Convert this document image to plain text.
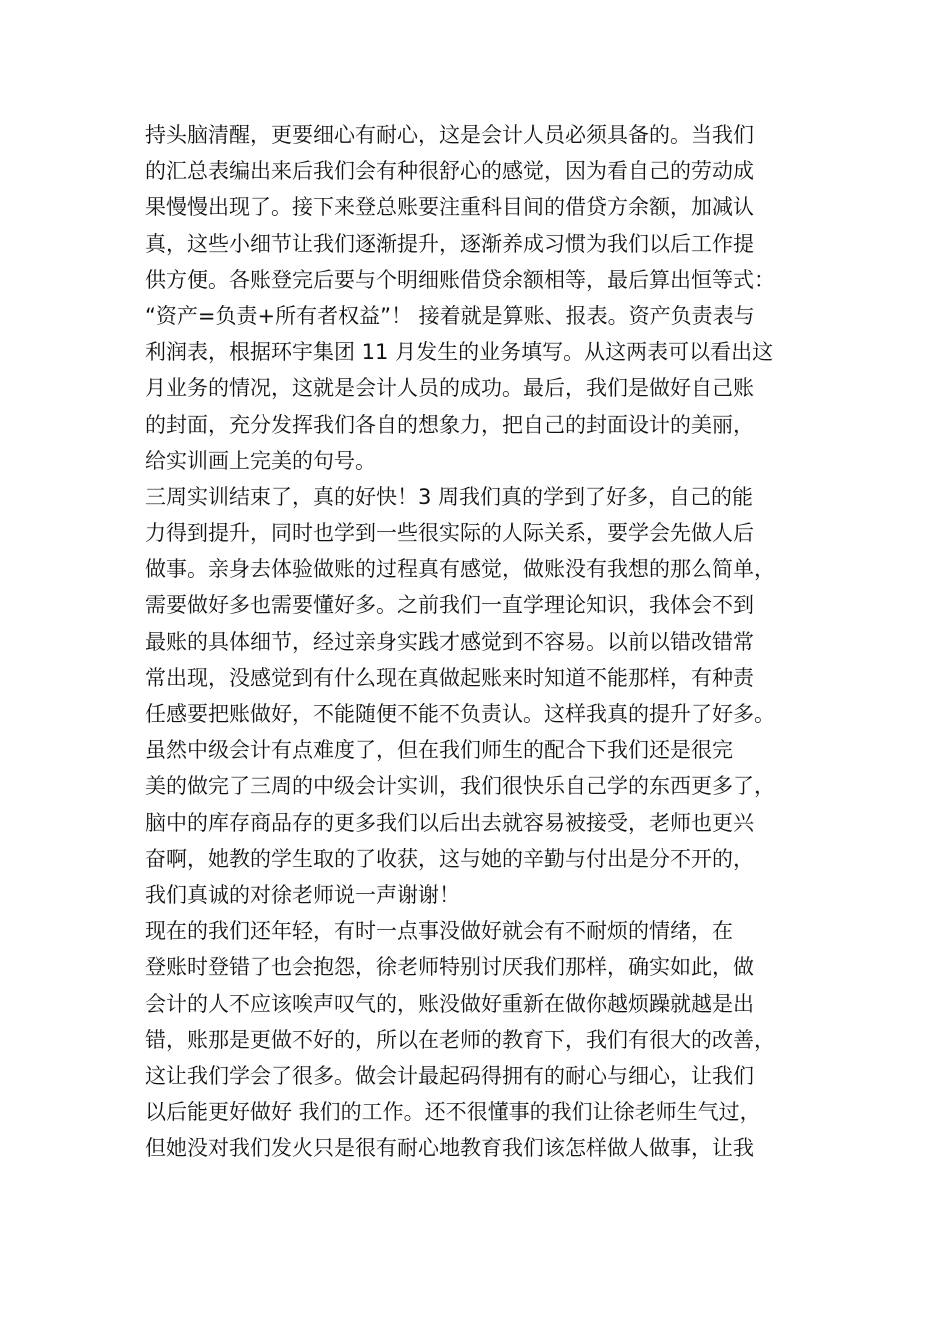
持头脑清醒，更要细心有耐心，这是会计人员必须具备的。当我们
的汇总表编出来后我们会有种很舒心的感觉，因为看自己的劳动成
果慢慢出现了。接下来登总账要注重科目间的借贷方余额，加减认
真，这些小细节让我们逐渐提升，逐渐养成习惯为我们以后工作提
供方便。各账登完后要与个明细账借贷余额相等，最后算出恒等式：
“资产=负责+所有者权益”！ 接着就是算账、报表。资产负责表与
利润表，根据环宇集团 11 月发生的业务填写。从这两表可以看出这
月业务的情况，这就是会计人员的成功。最后，我们是做好自己账
的封面，充分发挥我们各自的想象力，把自己的封面设计的美丽，
给实训画上完美的句号。
三周实训结束了，真的好快！3 周我们真的学到了好多，自己的能
力得到提升，同时也学到一些很实际的人际关系，要学会先做人后
做事。亲身去体验做账的过程真有感觉，做账没有我想的那么简单，
需要做好多也需要懂好多。之前我们一直学理论知识，我体会不到
最账的具体细节，经过亲身实践才感觉到不容易。以前以错改错常
常出现，没感觉到有什么现在真做起账来时知道不能那样，有种责
任感要把账做好，不能随便不能不负责认。这样我真的提升了好多。
虽然中级会计有点难度了，但在我们师生的配合下我们还是很完
美的做完了三周的中级会计实训，我们很快乐自己学的东西更多了，
脑中的库存商品存的更多我们以后出去就容易被接受，老师也更兴
奋啊，她教的学生取的了收获，这与她的辛勤与付出是分不开的，
我们真诚的对徐老师说一声谢谢！
现在的我们还年轻，有时一点事没做好就会有不耐烦的情绪，在
登账时登错了也会抱怨，徐老师特别讨厌我们那样，确实如此，做
会计的人不应该唉声叹气的，账没做好重新在做你越烦躁就越是出
错，账那是更做不好的，所以在老师的教育下，我们有很大的改善，
这让我们学会了很多。做会计最起码得拥有的耐心与细心，让我们
以后能更好做好 我们的工作。还不很懂事的我们让徐老师生气过，
但她没对我们发火只是很有耐心地教育我们该怎样做人做事，让我
